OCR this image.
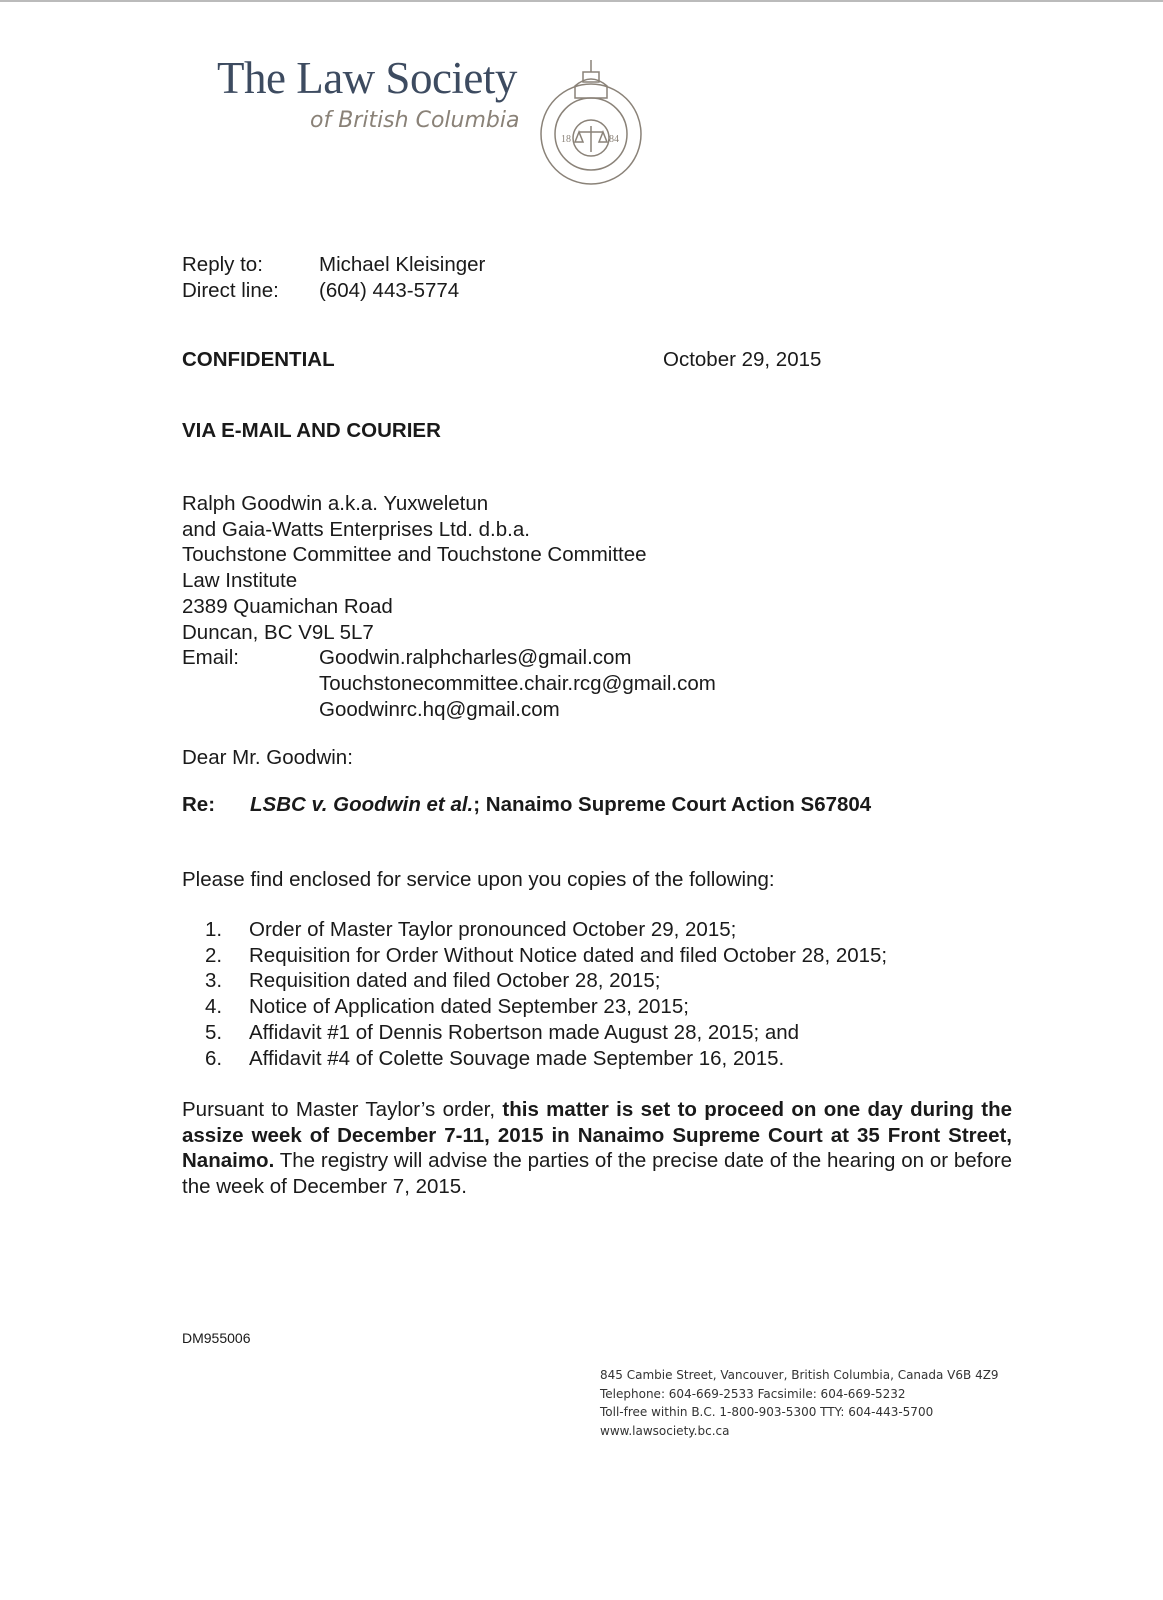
The Law Society
of British Columbia
18	84
Reply to:	Michael Kleisinger
Direct line:	(604) 443-5774
CONFIDENTIAL	October 29, 2015
VIA E-MAIL AND COURIER
Ralph Goodwin a.k.a. Yuxweletun
and Gaia-Watts Enterprises Ltd. d.b.a.
Touchstone Committee and Touchstone Committee
Law Institute
2389 Quamichan Road
Duncan, BC V9L 5L7
Email:	Goodwin.ralphcharles@gmail.com
Touchstonecommittee.chair.rcg@gmail.com
Goodwinrc.hq@gmail.com
Dear Mr. Goodwin:
Re: LSBC v. Goodwin et al.; Nanaimo Supreme Court Action S67804
Please find enclosed for service upon you copies of the following:
1. Order of Master Taylor pronounced October 29, 2015;
2. Requisition for Order Without Notice dated and filed October 28, 2015;
3. Requisition dated and filed October 28, 2015;
4. Notice of Application dated September 23, 2015;
5. Affidavit #1 of Dennis Robertson made August 28, 2015; and
6. Affidavit #4 of Colette Souvage made September 16, 2015.
Pursuant to Master Taylor’s order, this matter is set to proceed on one day during the assize week of December 7-11, 2015 in Nanaimo Supreme Court at 35 Front Street, Nanaimo. The registry will advise the parties of the precise date of the hearing on or before the week of December 7, 2015.
DM955006
845 Cambie Street, Vancouver, British Columbia, Canada V6B 4Z9
Telephone: 604-669-2533 Facsimile: 604-669-5232
Toll-free within B.C. 1-800-903-5300 TTY: 604-443-5700
www.lawsociety.bc.ca
